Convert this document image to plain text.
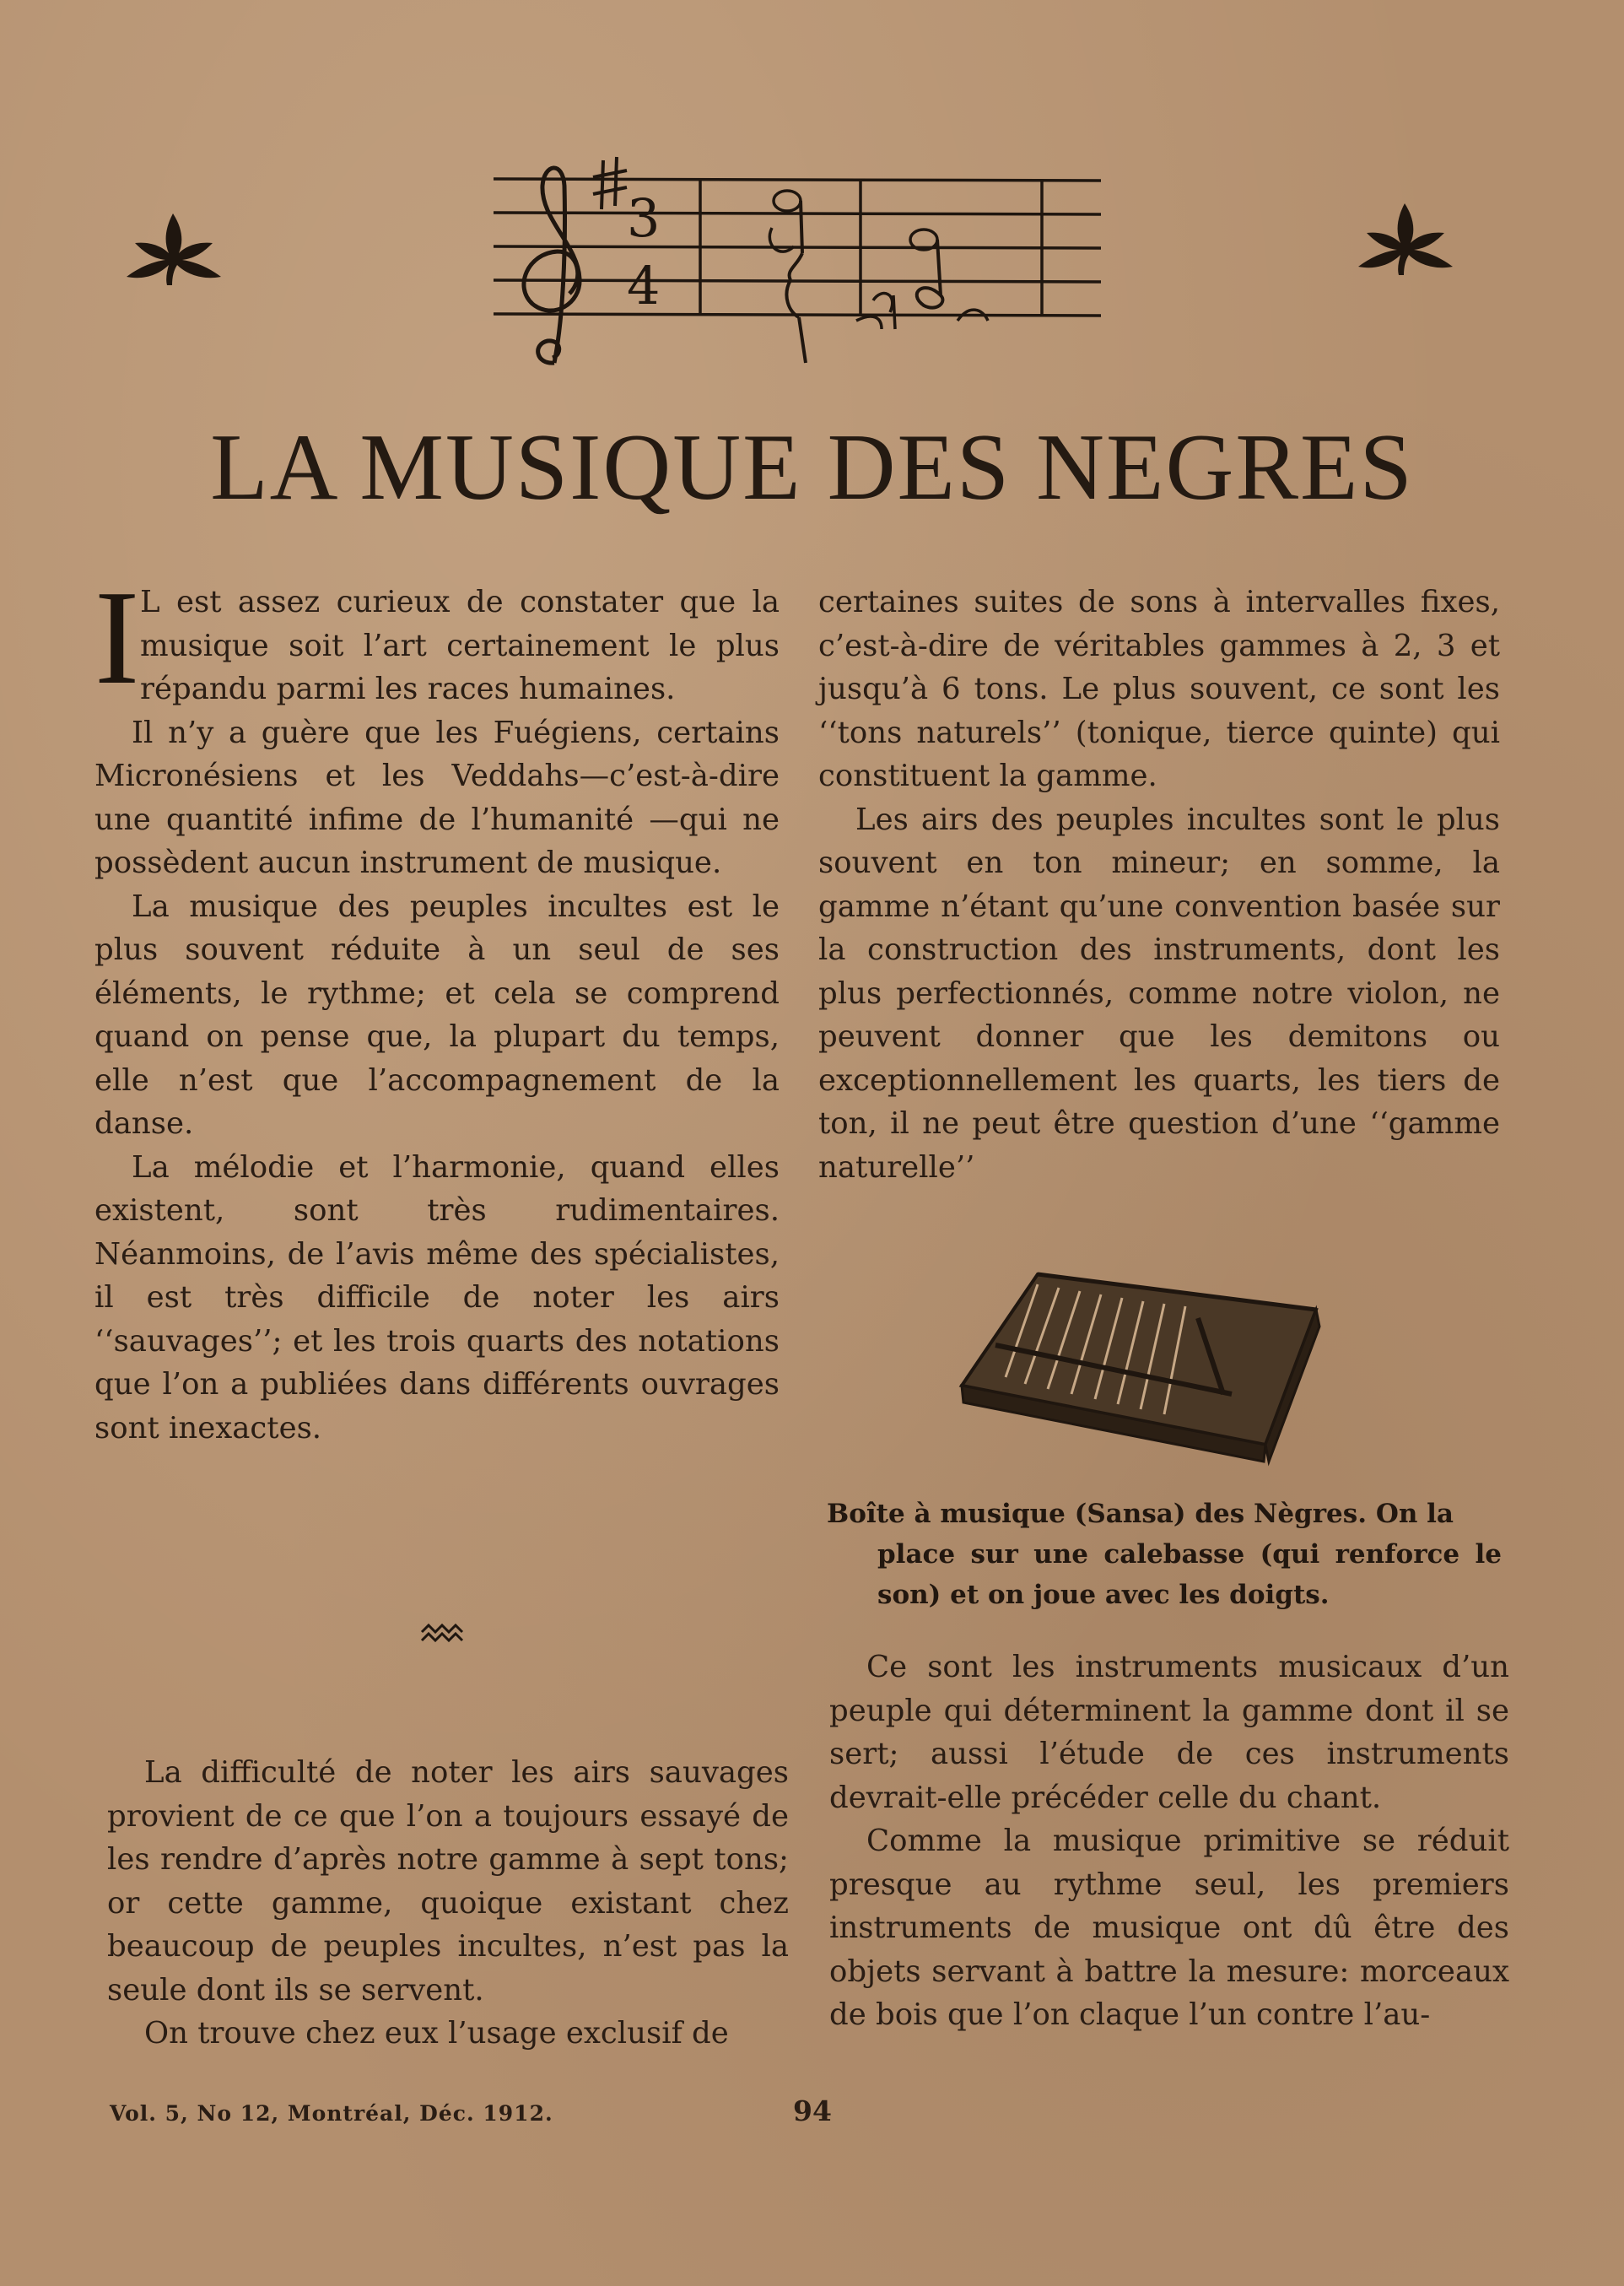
3
4
LA MUSIQUE DES NEGRES

I L est assez curieux de constater que la musique soit l’art certainement le plus répandu parmi les races humaines.

Il n’y a guère que les Fuégiens, certains Micronésiens et les Veddahs—c’est-à-dire une quantité infime de l’humanité —qui ne possèdent aucun instrument de musique.

La musique des peuples incultes est le plus souvent réduite à un seul de ses éléments, le rythme; et cela se comprend quand on pense que, la plupart du temps, elle n’est que l’accompagnement de la danse.

La mélodie et l’harmonie, quand elles existent, sont très rudimentaires. Néanmoins, de l’avis même des spécialistes, il est très difficile de noter les airs ‘‘sauvages’’; et les trois quarts des notations que l’on a publiées dans différents ouvrages sont inexactes.

La difficulté de noter les airs sauvages provient de ce que l’on a toujours essayé de les rendre d’après notre gamme à sept tons; or cette gamme, quoique existant chez beaucoup de peuples incultes, n’est pas la seule dont ils se servent.

On trouve chez eux l’usage exclusif de

certaines suites de sons à intervalles fixes, c’est-à-dire de véritables gammes à 2, 3 et jusqu’à 6 tons. Le plus souvent, ce sont les ‘‘tons naturels’’ (tonique, tierce quinte) qui constituent la gamme.

Les airs des peuples incultes sont le plus souvent en ton mineur; en somme, la gamme n’étant qu’une convention basée sur la construction des instruments, dont les plus perfectionnés, comme notre violon, ne peuvent donner que les demitons ou exceptionnellement les quarts, les tiers de ton, il ne peut être question d’une ‘‘gamme naturelle’’

Boîte à musique (Sansa) des Nègres. On la
place sur une calebasse (qui renforce le son) et on joue avec les doigts.

Ce sont les instruments musicaux d’un peuple qui déterminent la gamme dont il se sert; aussi l’étude de ces instruments devrait-elle précéder celle du chant.

Comme la musique primitive se réduit presque au rythme seul, les premiers instruments de musique ont dû être des objets servant à battre la mesure: morceaux de bois que l’on claque l’un contre l’au-

Vol. 5, No 12, Montréal, Déc. 1912.	94
